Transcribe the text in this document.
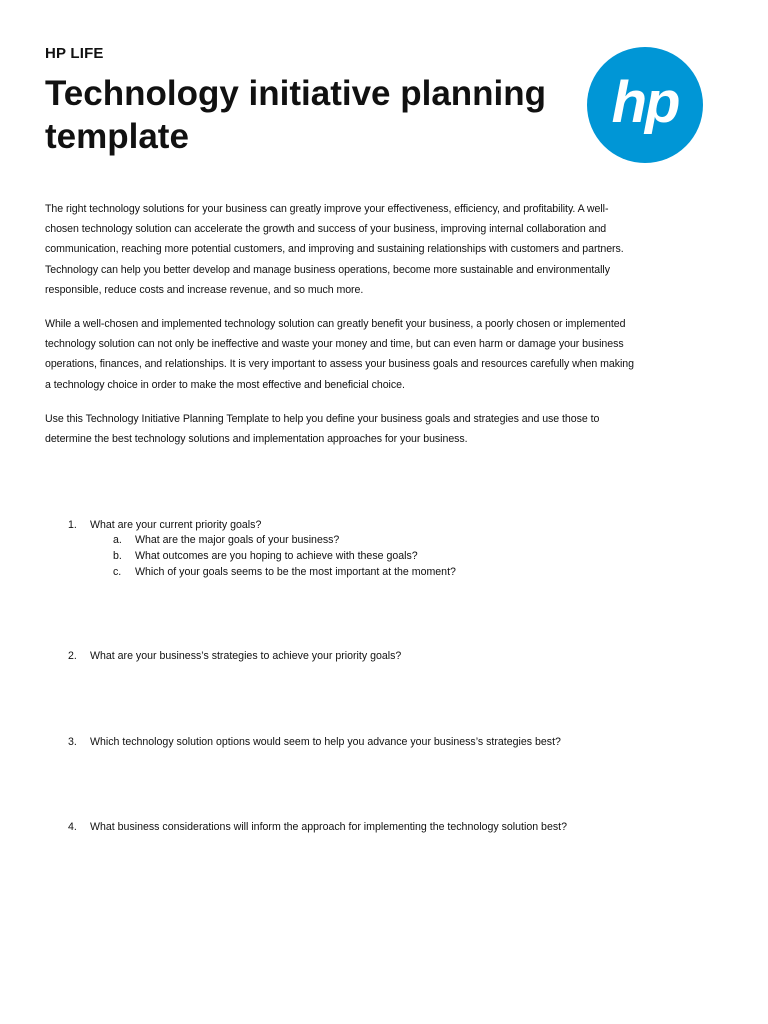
HP LIFE
Technology initiative planning template
hp

The right technology solutions for your business can greatly improve your effectiveness, efficiency, and profitability. A well-chosen technology solution can accelerate the growth and success of your business, improving internal collaboration and communication, reaching more potential customers, and improving and sustaining relationships with customers and partners. Technology can help you better develop and manage business operations, become more sustainable and environmentally responsible, reduce costs and increase revenue, and so much more.

While a well-chosen and implemented technology solution can greatly benefit your business, a poorly chosen or implemented technology solution can not only be ineffective and waste your money and time, but can even harm or damage your business operations, finances, and relationships. It is very important to assess your business goals and resources carefully when making a technology choice in order to make the most effective and beneficial choice.

Use this Technology Initiative Planning Template to help you define your business goals and strategies and use those to determine the best technology solutions and implementation approaches for your business.

1. What are your current priority goals?
a. What are the major goals of your business?
b. What outcomes are you hoping to achieve with these goals?
c. Which of your goals seems to be the most important at the moment?
2. What are your business’s strategies to achieve your priority goals?
3. Which technology solution options would seem to help you advance your business’s strategies best?
4. What business considerations will inform the approach for implementing the technology solution best?
